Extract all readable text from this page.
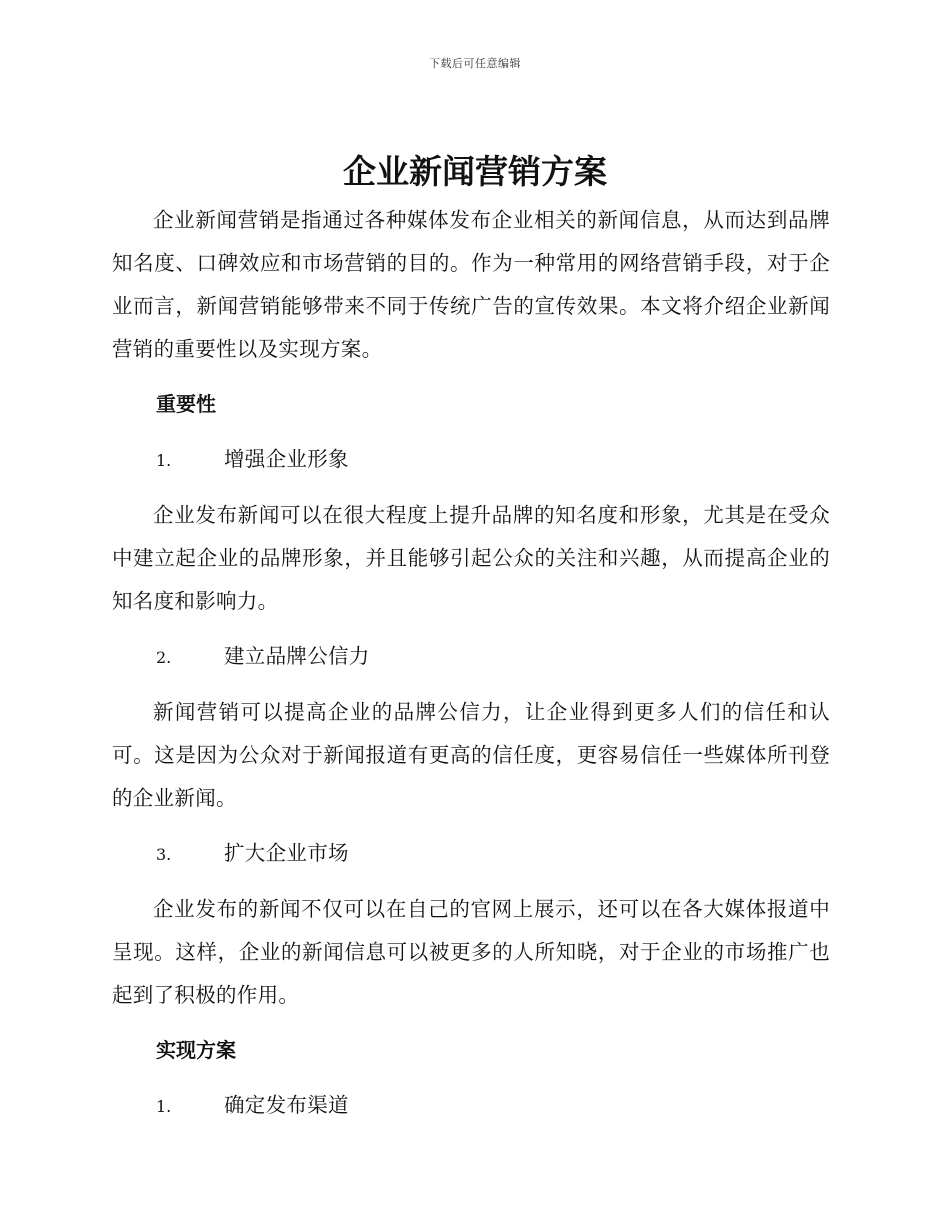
下载后可任意编辑
企业新闻营销方案

企业新闻营销是指通过各种媒体发布企业相关的新闻信息，从而达到品牌知名度、口碑效应和市场营销的目的。作为一种常用的网络营销手段，对于企业而言，新闻营销能够带来不同于传统广告的宣传效果。本文将介绍企业新闻营销的重要性以及实现方案。

重要性
1.	增强企业形象

企业发布新闻可以在很大程度上提升品牌的知名度和形象，尤其是在受众中建立起企业的品牌形象，并且能够引起公众的关注和兴趣，从而提高企业的知名度和影响力。

2.	建立品牌公信力

新闻营销可以提高企业的品牌公信力，让企业得到更多人们的信任和认可。这是因为公众对于新闻报道有更高的信任度，更容易信任一些媒体所刊登的企业新闻。

3.	扩大企业市场

企业发布的新闻不仅可以在自己的官网上展示，还可以在各大媒体报道中呈现。这样，企业的新闻信息可以被更多的人所知晓，对于企业的市场推广也起到了积极的作用。

实现方案
1.	确定发布渠道
